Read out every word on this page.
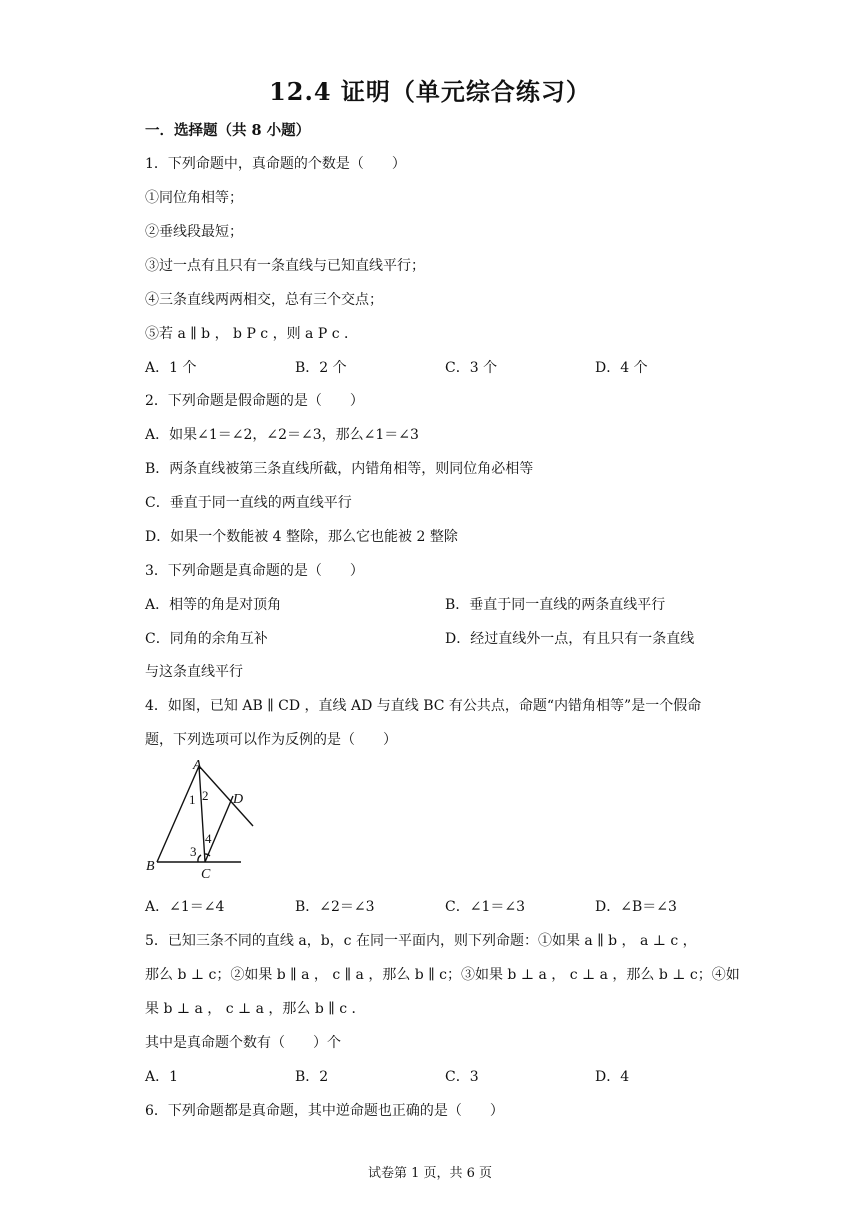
12.4 证明（单元综合练习）
一．选择题（共 8 小题）
1．下列命题中，真命题的个数是（　　）
①同位角相等；
②垂线段最短；
③过一点有且只有一条直线与已知直线平行；
④三条直线两两相交，总有三个交点；
⑤若 a ∥ b ， b P c ，则 a P c ．
A．1 个	B．2 个	C．3 个	D．4 个
2．下列命题是假命题的是（　　）
A．如果∠1＝∠2，∠2＝∠3，那么∠1＝∠3
B．两条直线被第三条直线所截，内错角相等，则同位角必相等
C．垂直于同一直线的两直线平行
D．如果一个数能被 4 整除，那么它也能被 2 整除
3．下列命题是真命题的是（　　）
A．相等的角是对顶角	B．垂直于同一直线的两条直线平行
C．同角的余角互补	D．经过直线外一点，有且只有一条直线
与这条直线平行
4．如图，已知 AB ∥ CD ，直线 AD 与直线 BC 有公共点，命题“内错角相等”是一个假命
题，下列选项可以作为反例的是（　　）
A
B
C
D
1 2
3
4
A．∠1＝∠4	B．∠2＝∠3	C．∠1＝∠3	D．∠B＝∠3
5．已知三条不同的直线 a，b，c 在同一平面内，则下列命题：①如果 a ∥ b ， a ⊥ c ，
那么 b ⊥ c；②如果 b ∥ a ， c ∥ a ，那么 b ∥ c；③如果 b ⊥ a ， c ⊥ a ，那么 b ⊥ c；④如
果 b ⊥ a ， c ⊥ a ，那么 b ∥ c ．
其中是真命题个数有（　　）个
A．1	B．2	C．3	D．4
6．下列命题都是真命题，其中逆命题也正确的是（　　）
试卷第 1 页，共 6 页
